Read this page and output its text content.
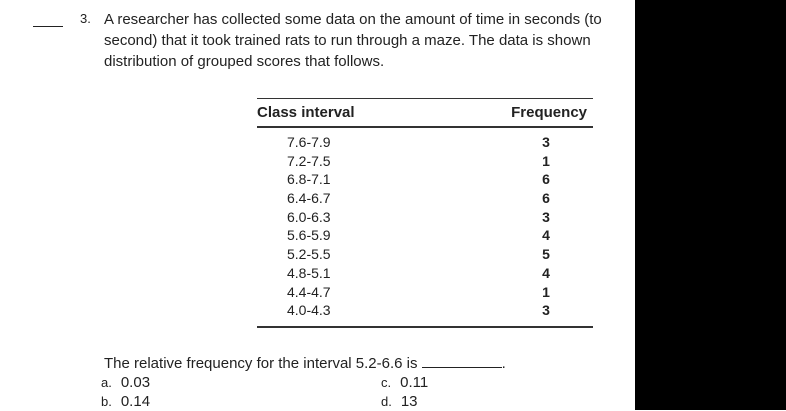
3. A researcher has collected some data on the amount of time in seconds (to
second) that it took trained rats to run through a maze. The data is shown
distribution of grouped scores that follows.
Class interval	Frequency
7.6-7.9	3
7.2-7.5	1
6.8-7.1	6
6.4-6.7	6
6.0-6.3	3
5.6-5.9	4
5.2-5.5	5
4.8-5.1	4
4.4-4.7	1
4.0-4.3	3
The relative frequency for the interval 5.2-6.6 is	.
a. 0.03
b. 0.14
c. 0.11
d. 13
